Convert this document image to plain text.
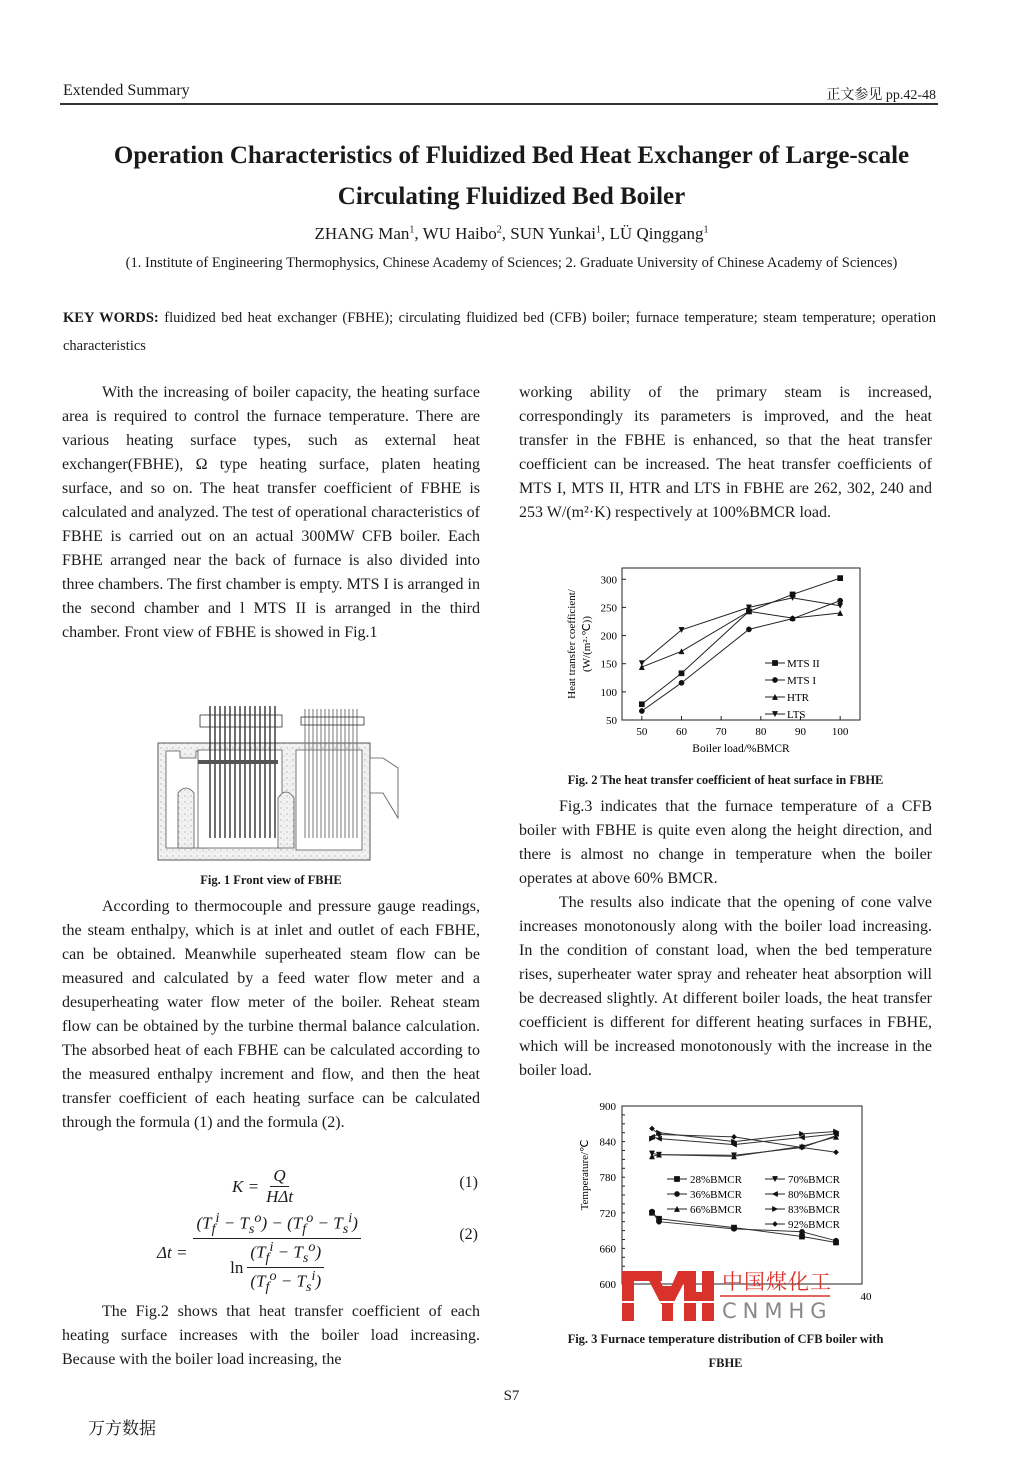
Extended Summary	正文参见 pp.42-48
Operation Characteristics of Fluidized Bed Heat Exchanger of Large-scale
Circulating Fluidized Bed Boiler
ZHANG Man$^1$, WU Haibo$^2$, SUN Yunkai$^1$, LÜ Qinggang$^1$
(1. Institute of Engineering Thermophysics, Chinese Academy of Sciences; 2. Graduate University of Chinese Academy of Sciences)
KEY WORDS: fluidized bed heat exchanger (FBHE); circulating fluidized bed (CFB) boiler; furnace temperature; steam temperature; operation characteristics

With the increasing of boiler capacity, the heating surface area is required to control the furnace temperature. There are various heating surface types, such as external heat exchanger(FBHE), Ω type heating surface, platen heating surface, and so on. The heat transfer coefficient of FBHE is calculated and analyzed. The test of operational characteristics of FBHE is carried out on an actual 300MW CFB boiler. Each FBHE arranged near the back of furnace is also divided into three chambers. The first chamber is empty. MTS I is arranged in the second chamber and l MTS II is arranged in the third chamber. Front view of FBHE is showed in Fig.1

Fig. 1 Front view of FBHE

According to thermocouple and pressure gauge readings, the steam enthalpy, which is at inlet and outlet of each FBHE, can be obtained. Meanwhile superheated steam flow can be measured and calculated by a feed water flow meter and a desuperheating water flow meter of the boiler. Reheat steam flow can be obtained by the turbine thermal balance calculation. The absorbed heat of each FBHE can be calculated according to the measured enthalpy increment and flow, and then the heat transfer coefficient of each heating surface can be calculated through the formula (1) and the formula (2).

$K = \frac{Q}{\text{HΔt}}$	(1)
$\Delta t = \frac{(T_f^i - T_s^o) - (T_f^o - T_s^i)}{\ln \frac{(T_f^i - T_s^o)}{(T_f^o - T_s^i)}}$	(2)

The Fig.2 shows that heat transfer coefficient of each heating surface increases with the boiler load increasing. Because with the boiler load increasing, the

working ability of the primary steam is increased, correspondingly its parameters is improved, and the heat transfer in the FBHE is enhanced, so that the heat transfer coefficient can be increased. The heat transfer coefficients of MTS I, MTS II, HTR and LTS in FBHE are 262, 302, 240 and 253 W/(m²·K) respectively at 100%BMCR load.

50
100
150
200
250
300
50	60	70	80	90 100
Boiler load/%BMCR
Heat transfer coefficient/ (W/(m²·℃))	MTS II
MTS I
HTR
LTS
Fig. 2 The heat transfer coefficient of heat surface in FBHE

Fig.3 indicates that the furnace temperature of a CFB boiler with FBHE is quite even along the height direction, and there is almost no change in temperature when the boiler operates at above 60% BMCR.

The results also indicate that the opening of cone valve increases monotonously along with the boiler load increasing. In the condition of constant load, when the bed temperature rises, superheater water spray and reheater heat absorption will be decreased slightly. At different boiler loads, the heat transfer coefficient is different for different heating surfaces in FBHE, which will be increased monotonously with the increase in the boiler load.

600
660
720
780
840
900
40
Temperature/℃	28%BMCR
36%BMCR
66%BMCR
70%BMCR
80%BMCR
83%BMCR
92%BMCR
中国煤化工
CNMHG
Fig. 3 Furnace temperature distribution of CFB boiler with
FBHE
S7
万方数据
